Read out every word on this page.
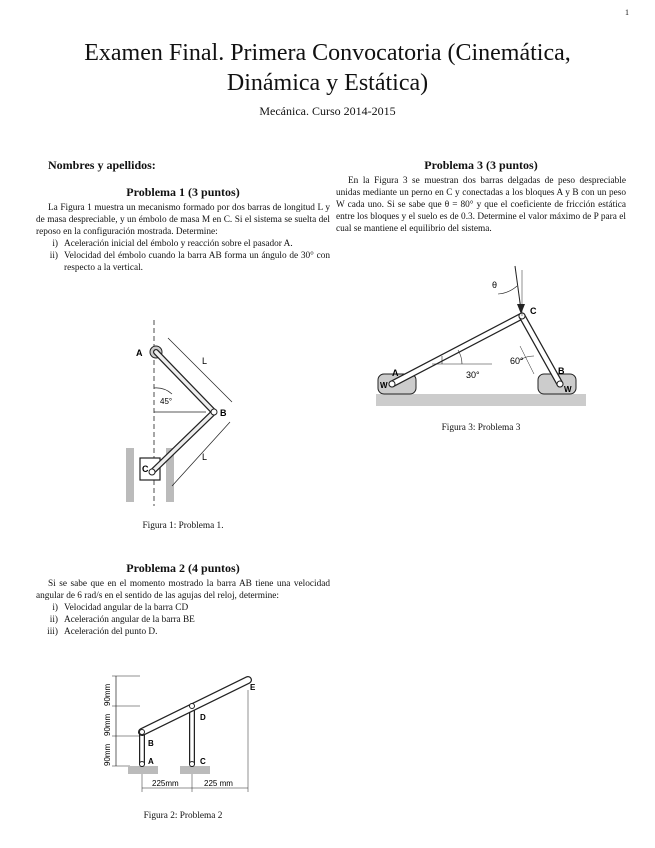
1
Examen Final. Primera Convocatoria (Cinemática,
Dinámica y Estática)
Mecánica. Curso 2014-2015
Nombres y apellidos:
Problema 1 (3 puntos)
La Figura 1 muestra un mecanismo formado por dos barras de longitud L y de masa despreciable, y un émbolo de masa M en C. Si el sistema se suelta del reposo en la configuración mostrada. Determine:
i) Aceleración inicial del émbolo y reacción sobre el pasador A.
ii) Velocidad del émbolo cuando la barra AB forma un ángulo de 30° con respecto a la vertical.
A
B
C
L
L
45°
Figura 1: Problema 1.
Problema 2 (4 puntos)
Si se sabe que en el momento mostrado la barra AB tiene una velocidad angular de 6 rad/s en el sentido de las agujas del reloj, determine:
i) Velocidad angular de la barra CD
ii) Aceleración angular de la barra BE
iii) Aceleración del punto D.
90mm
90mm
90mm
B
A
D
C
E
225mm	225 mm
Figura 2: Problema 2
Problema 3 (3 puntos)
En la Figura 3 se muestran dos barras delgadas de peso despreciable unidas mediante un perno en C y conectadas a los bloques A y B con un peso W cada uno. Si se sabe que θ = 80° y que el coeficiente de fricción estática entre los bloques y el suelo es de 0.3. Determine el valor máximo de P para el cual se mantiene el equilibrio del sistema.
θ
C
A	B
W	W
30°
60°
Figura 3: Problema 3
